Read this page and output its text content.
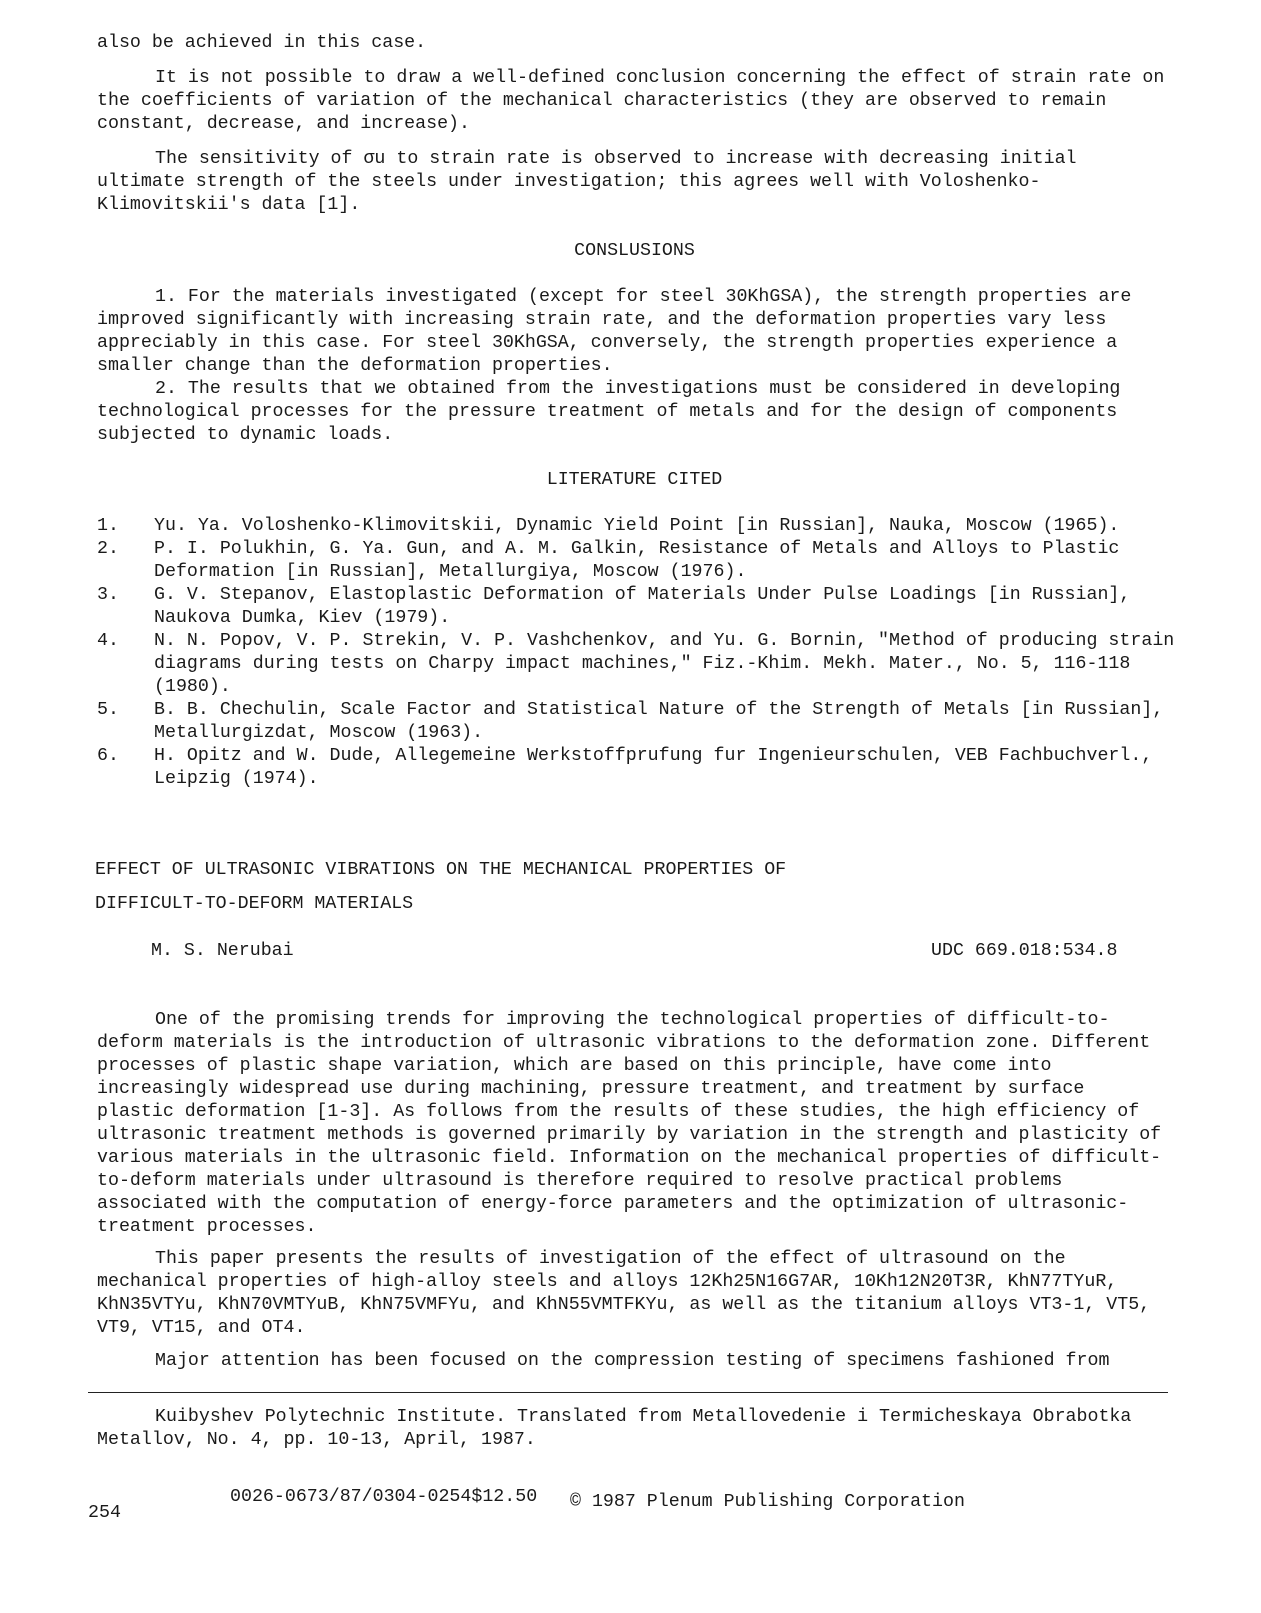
also be achieved in this case.

It is not possible to draw a well-defined conclusion concerning the effect of strain rate on the coefficients of variation of the mechanical characteristics (they are observed to remain constant, decrease, and increase).

The sensitivity of σu to strain rate is observed to increase with decreasing initial ultimate strength of the steels under investigation; this agrees well with Voloshenko-Klimovitskii's data [1].

CONSLUSIONS

1. For the materials investigated (except for steel 30KhGSA), the strength properties are improved significantly with increasing strain rate, and the deformation properties vary less appreciably in this case. For steel 30KhGSA, conversely, the strength properties experience a smaller change than the deformation properties.

2. The results that we obtained from the investigations must be considered in developing technological processes for the pressure treatment of metals and for the design of components subjected to dynamic loads.

LITERATURE CITED
1. Yu. Ya. Voloshenko-Klimovitskii, Dynamic Yield Point [in Russian], Nauka, Moscow (1965).
2. P. I. Polukhin, G. Ya. Gun, and A. M. Galkin, Resistance of Metals and Alloys to Plastic Deformation [in Russian], Metallurgiya, Moscow (1976).
3. G. V. Stepanov, Elastoplastic Deformation of Materials Under Pulse Loadings [in Russian], Naukova Dumka, Kiev (1979).
4. N. N. Popov, V. P. Strekin, V. P. Vashchenkov, and Yu. G. Bornin, "Method of producing strain diagrams during tests on Charpy impact machines," Fiz.-Khim. Mekh. Mater., No. 5, 116-118 (1980).
5. B. B. Chechulin, Scale Factor and Statistical Nature of the Strength of Metals [in Russian], Metallurgizdat, Moscow (1963).
6. H. Opitz and W. Dude, Allegemeine Werkstoffprufung fur Ingenieurschulen, VEB Fachbuchverl., Leipzig (1974).
EFFECT OF ULTRASONIC VIBRATIONS ON THE MECHANICAL PROPERTIES OF
DIFFICULT-TO-DEFORM MATERIALS
M. S. Nerubai	UDC 669.018:534.8

One of the promising trends for improving the technological properties of difficult-to-deform materials is the introduction of ultrasonic vibrations to the deformation zone. Different processes of plastic shape variation, which are based on this principle, have come into increasingly widespread use during machining, pressure treatment, and treatment by surface plastic deformation [1-3]. As follows from the results of these studies, the high efficiency of ultrasonic treatment methods is governed primarily by variation in the strength and plasticity of various materials in the ultrasonic field. Information on the mechanical properties of difficult-to-deform materials under ultrasound is therefore required to resolve practical problems associated with the computation of energy-force parameters and the optimization of ultrasonic-treatment processes.

This paper presents the results of investigation of the effect of ultrasound on the mechanical properties of high-alloy steels and alloys 12Kh25N16G7AR, 10Kh12N20T3R, KhN77TYuR, KhN35VTYu, KhN70VMTYuB, KhN75VMFYu, and KhN55VMTFKYu, as well as the titanium alloys VT3-1, VT5, VT9, VT15, and OT4.

Major attention has been focused on the compression testing of specimens fashioned from

Kuibyshev Polytechnic Institute. Translated from Metallovedenie i Termicheskaya Obrabotka Metallov, No. 4, pp. 10-13, April, 1987.

254
0026-0673/87/0304-0254$12.50 © 1987 Plenum Publishing Corporation
